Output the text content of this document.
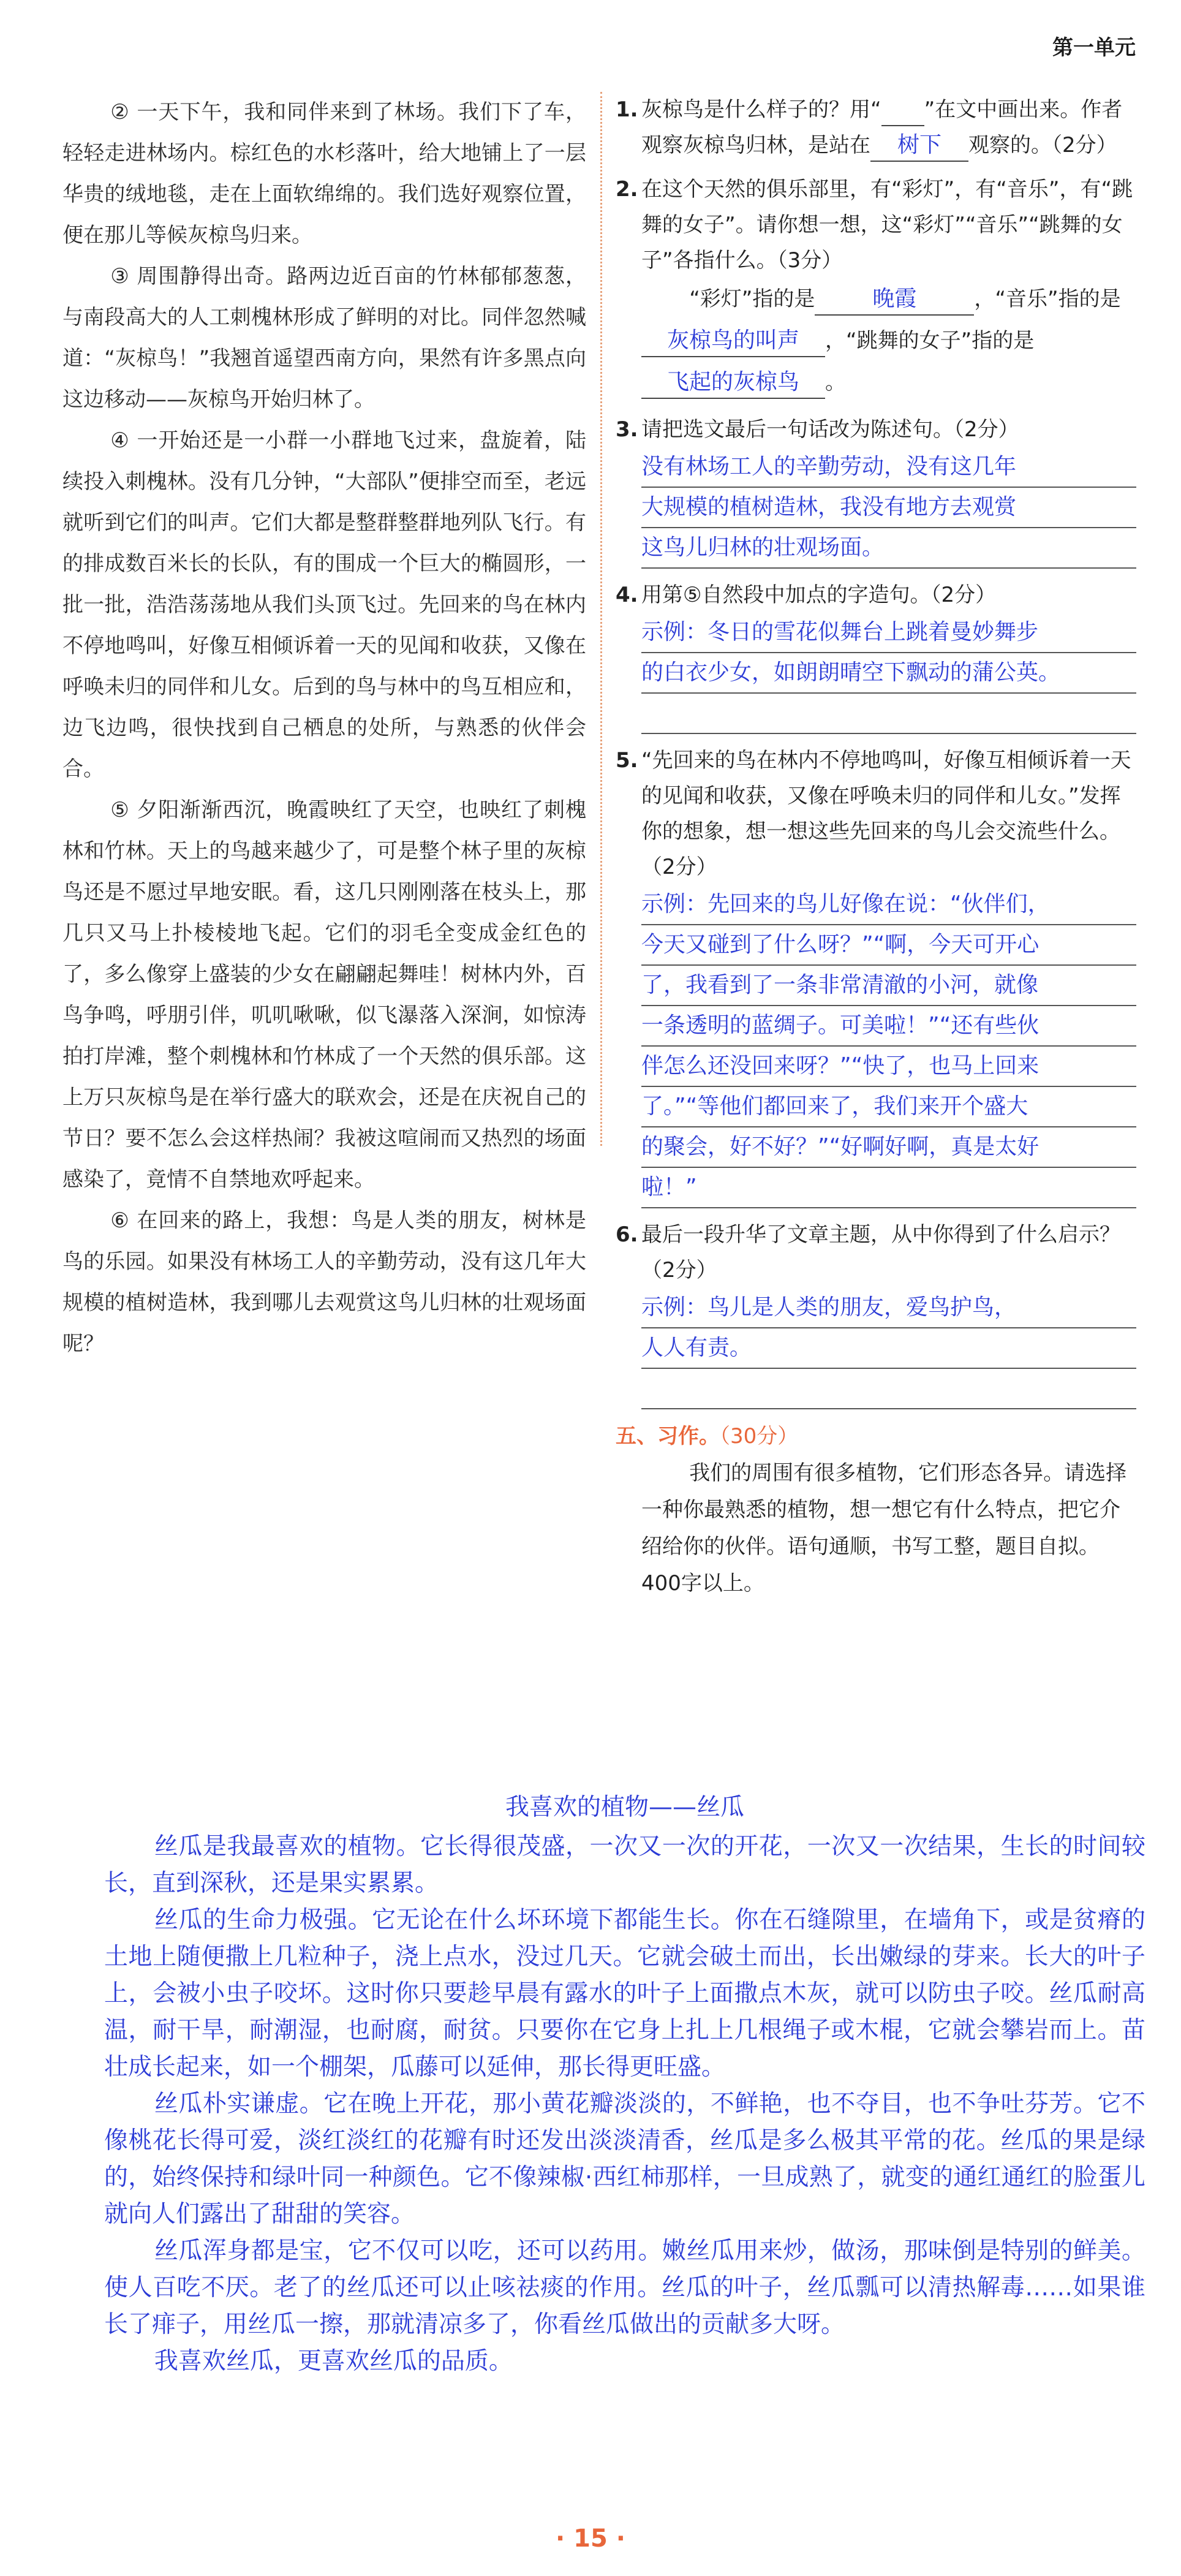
第一单元

② 一天下午，我和同伴来到了林场。我们下了车，轻轻走进林场内。棕红色的水杉落叶，给大地铺上了一层华贵的绒地毯，走在上面软绵绵的。我们选好观察位置，便在那儿等候灰椋鸟归来。

③ 周围静得出奇。路两边近百亩的竹林郁郁葱葱，与南段高大的人工刺槐林形成了鲜明的对比。同伴忽然喊道：“灰椋鸟！”我翘首遥望西南方向，果然有许多黑点向这边移动——灰椋鸟开始归林了。

④ 一开始还是一小群一小群地飞过来，盘旋着，陆续投入刺槐林。没有几分钟，“大部队”便排空而至，老远就听到它们的叫声。它们大都是整群整群地列队飞行。有的排成数百米长的长队，有的围成一个巨大的椭圆形，一批一批，浩浩荡荡地从我们头顶飞过。先回来的鸟在林内不停地鸣叫，好像互相倾诉着一天的见闻和收获，又像在呼唤未归的同伴和儿女。后到的鸟与林中的鸟互相应和，边飞边鸣，很快找到自己栖息的处所，与熟悉的伙伴会合。

⑤ 夕阳渐渐西沉，晚霞映红了天空，也映红了刺槐林和竹林。天上的鸟越来越少了，可是整个林子里的灰椋鸟还是不愿过早地安眠。看，这几只刚刚落在枝头上，那几只又马上扑棱棱地飞起。它们的羽毛全变成金红色的了，多么像穿上盛装的少女在翩翩起舞哇！树林内外，百鸟争鸣，呼朋引伴，叽叽啾啾，似飞瀑落入深涧，如惊涛拍打岸滩，整个刺槐林和竹林成了一个天然的俱乐部。这上万只灰椋鸟是在举行盛大的联欢会，还是在庆祝自己的节日？要不怎么会这样热闹？我被这喧闹而又热烈的场面感染了，竟情不自禁地欢呼起来。

⑥ 在回来的路上，我想：鸟是人类的朋友，树林是鸟的乐园。如果没有林场工人的辛勤劳动，没有这几年大规模的植树造林，我到哪儿去观赏这鸟儿归林的壮观场面呢？

1. 灰椋鸟是什么样子的？用“ ”在文中画出来。作者观察灰椋鸟归林，是站在 树下 观察的。（2分）
2. 在这个天然的俱乐部里，有“彩灯”，有“音乐”，有“跳舞的女子”。请你想一想，这“彩灯”“音乐”“跳舞的女子”各指什么。（3分）
“彩灯”指的是	晚霞	，“音乐”指的是灰椋鸟的叫声 ，“跳舞的女子”指的是飞起的灰椋鸟 。
3. 请把选文最后一句话改为陈述句。（2分）
没有林场工人的辛勤劳动，没有这几年
大规模的植树造林，我没有地方去观赏
这鸟儿归林的壮观场面。
4. 用第⑤自然段中加点的字造句。（2分）
示例：冬日的雪花似舞台上跳着曼妙舞步
的白衣少女，如朗朗晴空下飘动的蒲公英。
5. “先回来的鸟在林内不停地鸣叫，好像互相倾诉着一天的见闻和收获，又像在呼唤未归的同伴和儿女。”发挥你的想象，想一想这些先回来的鸟儿会交流些什么。（2分）
示例：先回来的鸟儿好像在说：“伙伴们，
今天又碰到了什么呀？”“啊，今天可开心
了，我看到了一条非常清澈的小河，就像
一条透明的蓝绸子。可美啦！”“还有些伙
伴怎么还没回来呀？”“快了，也马上回来
了。”“等他们都回来了，我们来开个盛大
的聚会，好不好？”“好啊好啊，真是太好
啦！”
6. 最后一段升华了文章主题，从中你得到了什么启示？（2分）
示例：鸟儿是人类的朋友，爱鸟护鸟，
人人有责。
五、习作。（30分）

我们的周围有很多植物，它们形态各异。请选择一种你最熟悉的植物，想一想它有什么特点，把它介绍给你的伙伴。语句通顺，书写工整，题目自拟。400字以上。

我喜欢的植物——丝瓜

丝瓜是我最喜欢的植物。它长得很茂盛，一次又一次的开花，一次又一次结果，生长的时间较长，直到深秋，还是果实累累。

丝瓜的生命力极强。它无论在什么坏环境下都能生长。你在石缝隙里，在墙角下，或是贫瘠的土地上随便撒上几粒种子，浇上点水，没过几天。它就会破土而出，长出嫩绿的芽来。长大的叶子上，会被小虫子咬坏。这时你只要趁早晨有露水的叶子上面撒点木灰，就可以防虫子咬。丝瓜耐高温，耐干旱，耐潮湿，也耐腐，耐贫。只要你在它身上扎上几根绳子或木棍，它就会攀岩而上。苗壮成长起来，如一个棚架，瓜藤可以延伸，那长得更旺盛。

丝瓜朴实谦虚。它在晚上开花，那小黄花瓣淡淡的，不鲜艳，也不夺目，也不争吐芬芳。它不像桃花长得可爱，淡红淡红的花瓣有时还发出淡淡清香，丝瓜是多么极其平常的花。丝瓜的果是绿的，始终保持和绿叶同一种颜色。它不像辣椒·西红柿那样，一旦成熟了，就变的通红通红的脸蛋儿就向人们露出了甜甜的笑容。

丝瓜浑身都是宝，它不仅可以吃，还可以药用。嫩丝瓜用来炒，做汤，那味倒是特别的鲜美。使人百吃不厌。老了的丝瓜还可以止咳祛痰的作用。丝瓜的叶子，丝瓜瓢可以清热解毒……如果谁长了痱子，用丝瓜一擦，那就清凉多了，你看丝瓜做出的贡献多大呀。

我喜欢丝瓜，更喜欢丝瓜的品质。

· 15 ·
